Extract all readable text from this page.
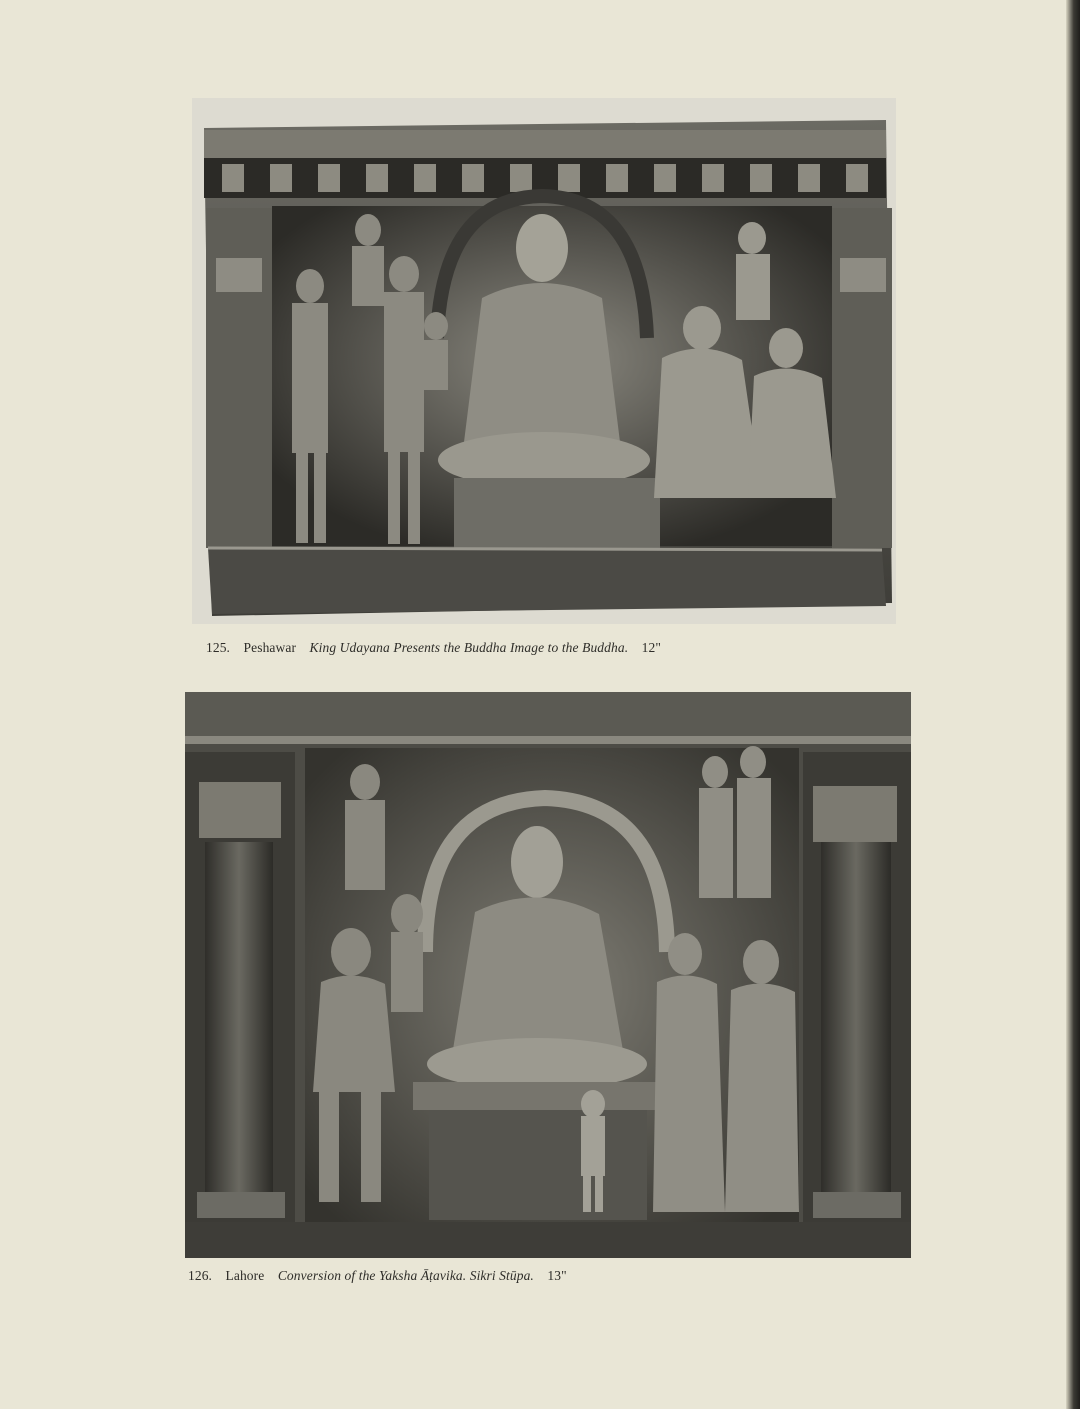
125. Peshawar King Udayana Presents the Buddha Image to the Buddha. 12"
126. Lahore Conversion of the Yaksha Āṭavika. Sikri Stūpa. 13"
